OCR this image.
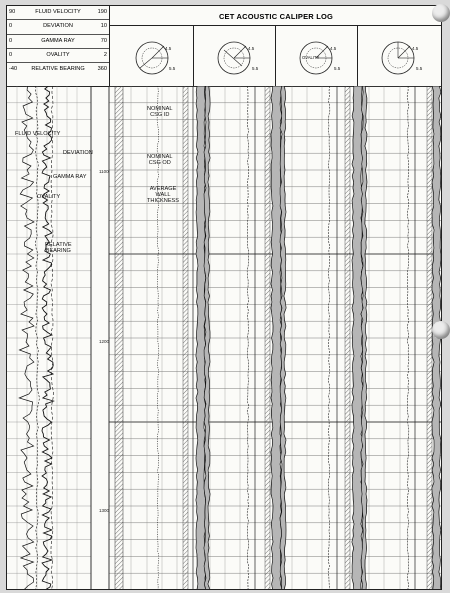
90	FLUID VELOCITY	190
0	DEVIATION	10
0	GAMMA RAY	70
0	OVALITY	2
-40	RELATIVE BEARING	360
CET ACOUSTIC CALIPER LOG
4.5
5.5
4.5
5.5
OVALITY
4.5
5.5
4.5
5.5
FLUID VELOCITY
DEVIATION
GAMMA RAY
OVALITY
RELATIVE
BEARING
NOMINAL
CSG ID
NOMINAL
CSG OD
AVERAGE
WALL
THICKNESS
1100
1200
1300
